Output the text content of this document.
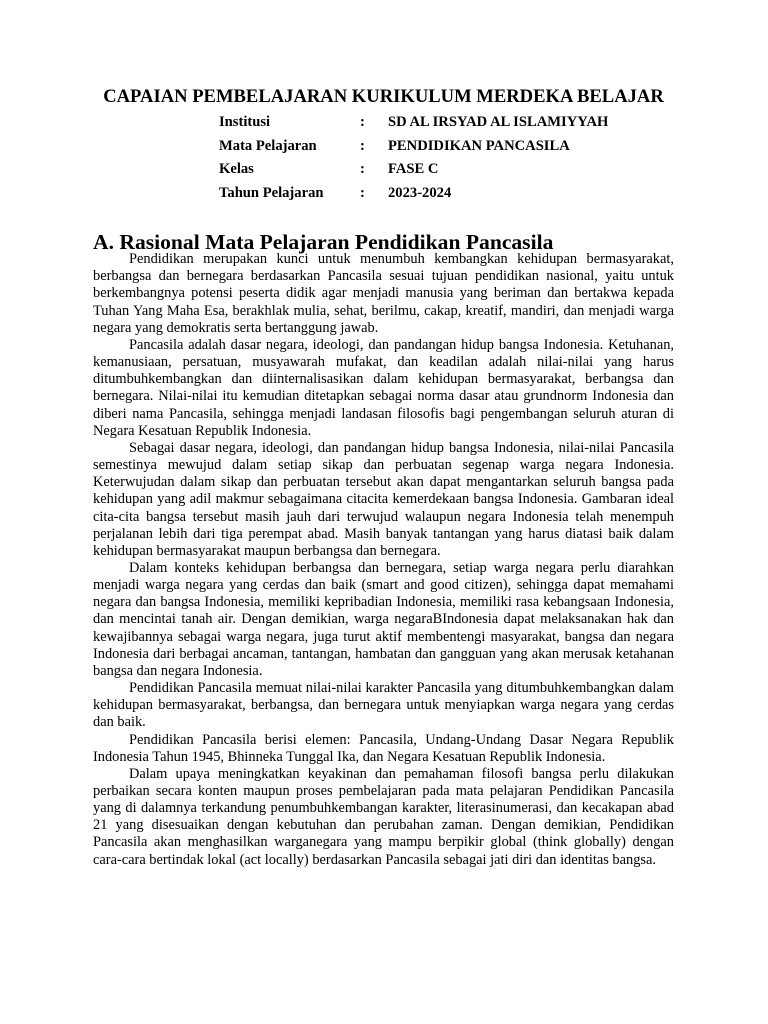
CAPAIAN PEMBELAJARAN KURIKULUM MERDEKA BELAJAR
Institusi	:	SD AL IRSYAD AL ISLAMIYYAH
Mata Pelajaran	:	PENDIDIKAN PANCASILA
Kelas	:	FASE C
Tahun Pelajaran	:	2023-2024
A. Rasional Mata Pelajaran Pendidikan Pancasila

Pendidikan merupakan kunci untuk menumbuh kembangkan kehidupan bermasyarakat, berbangsa dan bernegara berdasarkan Pancasila sesuai tujuan pendidikan nasional, yaitu untuk berkembangnya potensi peserta didik agar menjadi manusia yang beriman dan bertakwa kepada Tuhan Yang Maha Esa, berakhlak mulia, sehat, berilmu, cakap, kreatif, mandiri, dan menjadi warga negara yang demokratis serta bertanggung jawab.

Pancasila adalah dasar negara, ideologi, dan pandangan hidup bangsa Indonesia. Ketuhanan, kemanusiaan, persatuan, musyawarah mufakat, dan keadilan adalah nilai-nilai yang harus ditumbuhkembangkan dan diinternalisasikan dalam kehidupan bermasyarakat, berbangsa dan bernegara. Nilai-nilai itu kemudian ditetapkan sebagai norma dasar atau grundnorm Indonesia dan diberi nama Pancasila, sehingga menjadi landasan filosofis bagi pengembangan seluruh aturan di Negara Kesatuan Republik Indonesia.

Sebagai dasar negara, ideologi, dan pandangan hidup bangsa Indonesia, nilai-nilai Pancasila semestinya mewujud dalam setiap sikap dan perbuatan segenap warga negara Indonesia. Keterwujudan dalam sikap dan perbuatan tersebut akan dapat mengantarkan seluruh bangsa pada kehidupan yang adil makmur sebagaimana citacita kemerdekaan bangsa Indonesia. Gambaran ideal cita-cita bangsa tersebut masih jauh dari terwujud walaupun negara Indonesia telah menempuh perjalanan lebih dari tiga perempat abad. Masih banyak tantangan yang harus diatasi baik dalam kehidupan bermasyarakat maupun berbangsa dan bernegara.

Dalam konteks kehidupan berbangsa dan bernegara, setiap warga negara perlu diarahkan menjadi warga negara yang cerdas dan baik (smart and good citizen), sehingga dapat memahami negara dan bangsa Indonesia, memiliki kepribadian Indonesia, memiliki rasa kebangsaan Indonesia, dan mencintai tanah air. Dengan demikian, warga negaraBIndonesia dapat melaksanakan hak dan kewajibannya sebagai warga negara, juga turut aktif membentengi masyarakat, bangsa dan negara Indonesia dari berbagai ancaman, tantangan, hambatan dan gangguan yang akan merusak ketahanan bangsa dan negara Indonesia.

Pendidikan Pancasila memuat nilai-nilai karakter Pancasila yang ditumbuhkembangkan dalam kehidupan bermasyarakat, berbangsa, dan bernegara untuk menyiapkan warga negara yang cerdas dan baik.

Pendidikan Pancasila berisi elemen: Pancasila, Undang-Undang Dasar Negara Republik Indonesia Tahun 1945, Bhinneka Tunggal Ika, dan Negara Kesatuan Republik Indonesia.

Dalam upaya meningkatkan keyakinan dan pemahaman filosofi bangsa perlu dilakukan perbaikan secara konten maupun proses pembelajaran pada mata pelajaran Pendidikan Pancasila yang di dalamnya terkandung penumbuhkembangan karakter, literasinumerasi, dan kecakapan abad 21 yang disesuaikan dengan kebutuhan dan perubahan zaman. Dengan demikian, Pendidikan Pancasila akan menghasilkan warganegara yang mampu berpikir global (think globally) dengan cara-cara bertindak lokal (act locally) berdasarkan Pancasila sebagai jati diri dan identitas bangsa.
